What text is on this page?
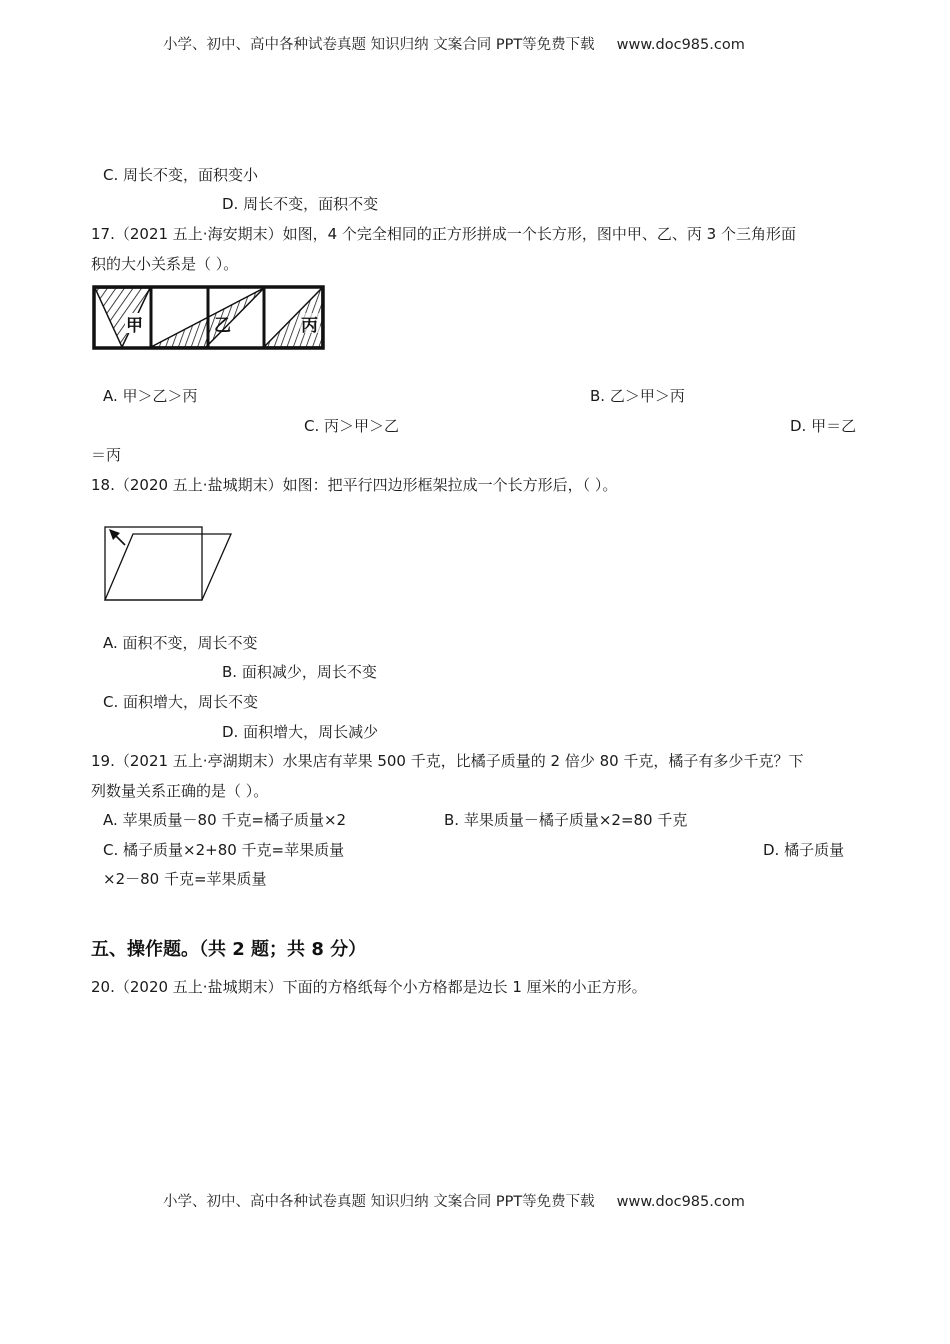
小学、初中、高中各种试卷真题 知识归纳 文案合同 PPT等免费下载 www.doc985.com
C. 周长不变，面积变小
D. 周长不变，面积不变
17.（2021 五上·海安期末）如图，4 个完全相同的正方形拼成一个长方形，图中甲、乙、丙 3 个三角形面
积的大小关系是（ ）。
甲	乙	丙
A. 甲＞乙＞丙	B. 乙＞甲＞丙
C. 丙＞甲＞乙	D. 甲＝乙
＝丙
18.（2020 五上·盐城期末）如图：把平行四边形框架拉成一个长方形后，（ ）。
A. 面积不变，周长不变
B. 面积减少，周长不变
C. 面积增大，周长不变
D. 面积增大，周长减少
19.（2021 五上·亭湖期末）水果店有苹果 500 千克，比橘子质量的 2 倍少 80 千克，橘子有多少千克？下
列数量关系正确的是（ ）。
A. 苹果质量－80 千克=橘子质量×2	B. 苹果质量－橘子质量×2=80 千克
C. 橘子质量×2+80 千克=苹果质量	D. 橘子质量
×2－80 千克=苹果质量
五、操作题。（共 2 题；共 8 分）
20.（2020 五上·盐城期末）下面的方格纸每个小方格都是边长 1 厘米的小正方形。
小学、初中、高中各种试卷真题 知识归纳 文案合同 PPT等免费下载 www.doc985.com
